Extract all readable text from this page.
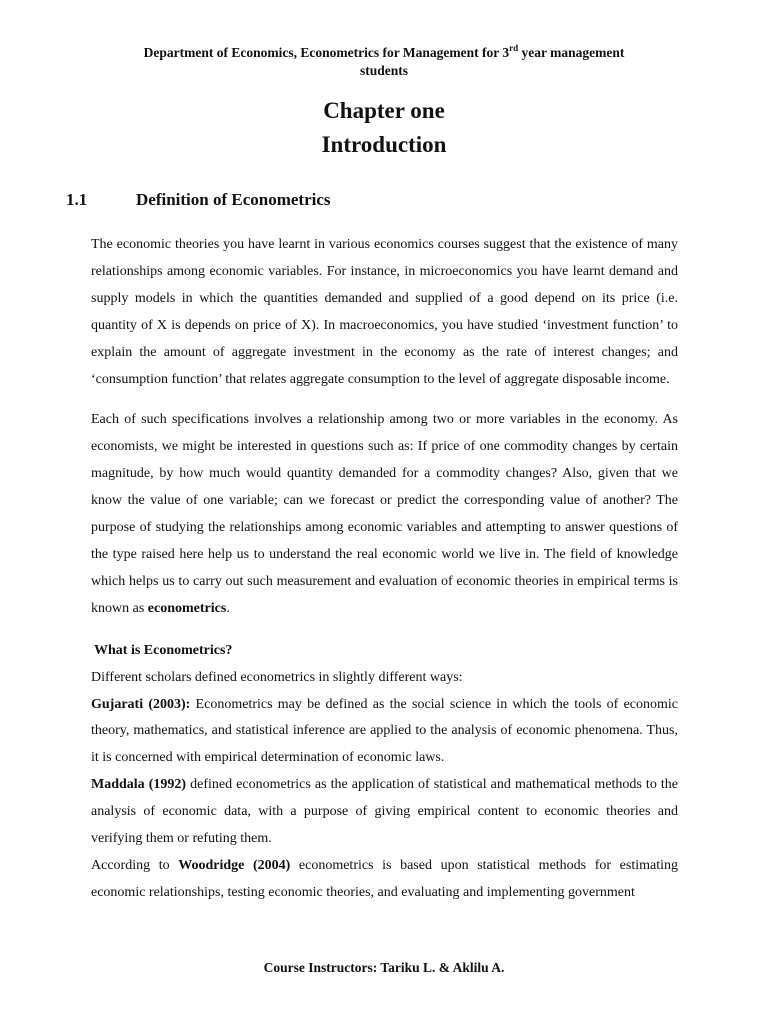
Department of Economics, Econometrics for Management for 3rd year management
students
Chapter one
Introduction
1.1	Definition of Econometrics

The economic theories you have learnt in various economics courses suggest that the existence of many relationships among economic variables. For instance, in microeconomics you have learnt demand and supply models in which the quantities demanded and supplied of a good depend on its price (i.e. quantity of X is depends on price of X). In macroeconomics, you have studied ‘investment function’ to explain the amount of aggregate investment in the economy as the rate of interest changes; and ‘consumption function’ that relates aggregate consumption to the level of aggregate disposable income.

Each of such specifications involves a relationship among two or more variables in the economy. As economists, we might be interested in questions such as: If price of one commodity changes by certain magnitude, by how much would quantity demanded for a commodity changes? Also, given that we know the value of one variable; can we forecast or predict the corresponding value of another? The purpose of studying the relationships among economic variables and attempting to answer questions of the type raised here help us to understand the real economic world we live in. The field of knowledge which helps us to carry out such measurement and evaluation of economic theories in empirical terms is known as econometrics.

What is Econometrics?

Different scholars defined econometrics in slightly different ways:

Gujarati (2003): Econometrics may be defined as the social science in which the tools of economic theory, mathematics, and statistical inference are applied to the analysis of economic phenomena. Thus, it is concerned with empirical determination of economic laws.

Maddala (1992) defined econometrics as the application of statistical and mathematical methods to the analysis of economic data, with a purpose of giving empirical content to economic theories and verifying them or refuting them.

According to Woodridge (2004) econometrics is based upon statistical methods for estimating economic relationships, testing economic theories, and evaluating and implementing government

Course Instructors: Tariku L. & Aklilu A.
